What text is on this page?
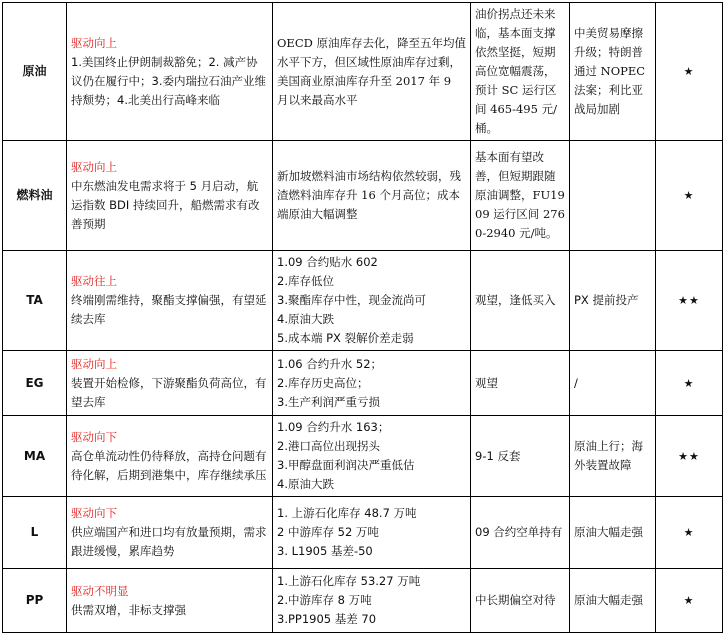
原油	驱动向上
1.美国终止伊朗制裁豁免；2. 减产协议仍在履行中；3.委内瑞拉石油产业维持颓势；4.北美出行高峰来临	OECD 原油库存去化，降至五年均值水平下方，但区域性原油库存过剩，美国商业原油库存升至 2017 年 9 月以来最高水平	油价拐点还未来临，基本面支撑依然坚挺，短期高位宽幅震荡，预计 SC 运行区间 465-495 元/桶。	中美贸易摩擦升级；特朗普通过 NOPEC 法案；利比亚战局加剧	★
燃料油	驱动向上
中东燃油发电需求将于 5 月启动，航运指数 BDI 持续回升，船燃需求有改善预期	新加坡燃料油市场结构依然较弱，残渣燃料油库存升 16 个月高位；成本端原油大幅调整	基本面有望改善，但短期跟随原油调整，FU1909 运行区间 2760-2940 元/吨。		★
TA	驱动往上
终端刚需维持，聚酯支撑偏强，有望延续去库	1.09 合约贴水 602
2.库存低位
3.聚酯库存中性，现金流尚可
4.原油大跌
5.成本端 PX 裂解价差走弱	观望，逢低买入	PX 提前投产	★★
EG	驱动向上
装置开始检修，下游聚酯负荷高位，有望去库	1.06 合约升水 52；
2.库存历史高位；
3.生产利润严重亏损	观望	/	★
MA	驱动向下
高仓单流动性仍待释放，高持仓问题有待化解，后期到港集中，库存继续承压	1.09 合约升水 163；
2.港口高位出现拐头
3.甲醇盘面利润决严重低估
4.原油大跌	9-1 反套	原油上行；海外装置故障	★★
L	驱动向下
供应端国产和进口均有放量预期，需求跟进缓慢，累库趋势	1. 上游石化库存 48.7 万吨
2 中游库存 52 万吨
3. L1905 基差-50	09 合约空单持有	原油大幅走强	★
PP	驱动不明显
供需双增，非标支撑强	1.上游石化库存 53.27 万吨
2.中游库存 8 万吨
3.PP1905 基差 70	中长期偏空对待	原油大幅走强	★
